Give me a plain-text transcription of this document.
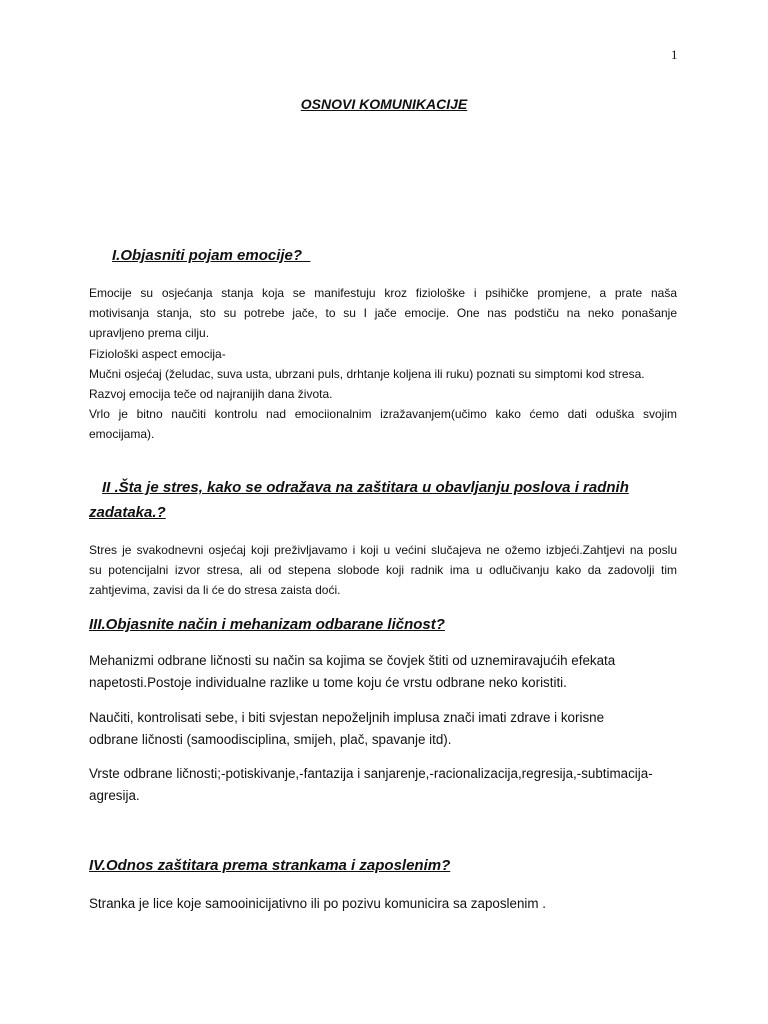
1
OSNOVI KOMUNIKACIJE
I.Objasniti pojam emocije?_
Emocije su osjećanja stanja koja se manifestuju kroz fiziološke i psihičke promjene, a prate naša
motivisanja stanja, sto su potrebe jače, to su I jače emocije. One nas podstiču na neko ponašanje
upravljeno prema cilju.
Fiziološki aspect emocija-
Mučni osjećaj (želudac, suva usta, ubrzani puls, drhtanje koljena ili ruku) poznati su simptomi kod stresa.
Razvoj emocija teče od najranijih dana života.
Vrlo je bitno naučiti kontrolu nad emociionalnim izražavanjem(učimo kako ćemo dati oduška svojim
emocijama).
II .Šta je stres, kako se odražava na zaštitara u obavljanju poslova i radnih
zadataka.?
Stres je svakodnevni osjećaj koji preživljavamo i koji u većini slučajeva ne ožemo izbjeći.Zahtjevi na poslu
su potencijalni izvor stresa, ali od stepena slobode koji radnik ima u odlučivanju kako da zadovolji tim
zahtjevima, zavisi da li će do stresa zaista doći.
III.Objasnite način i mehanizam odbarane ličnost?
Mehanizmi odbrane ličnosti su način sa kojima se čovjek štiti od uznemiravajućih efekata
napetosti.Postoje individualne razlike u tome koju će vrstu odbrane neko koristiti.
Naučiti, kontrolisati sebe, i biti svjestan nepoželjnih implusa znači imati zdrave i korisne
odbrane ličnosti (samoodisciplina, smijeh, plač, spavanje itd).
Vrste odbrane ličnosti;-potiskivanje,-fantazija i sanjarenje,-racionalizacija,regresija,-subtimacija-
agresija.
IV.Odnos zaštitara prema strankama i zaposlenim?
Stranka je lice koje samooinicijativno ili po pozivu komunicira sa zaposlenim .
